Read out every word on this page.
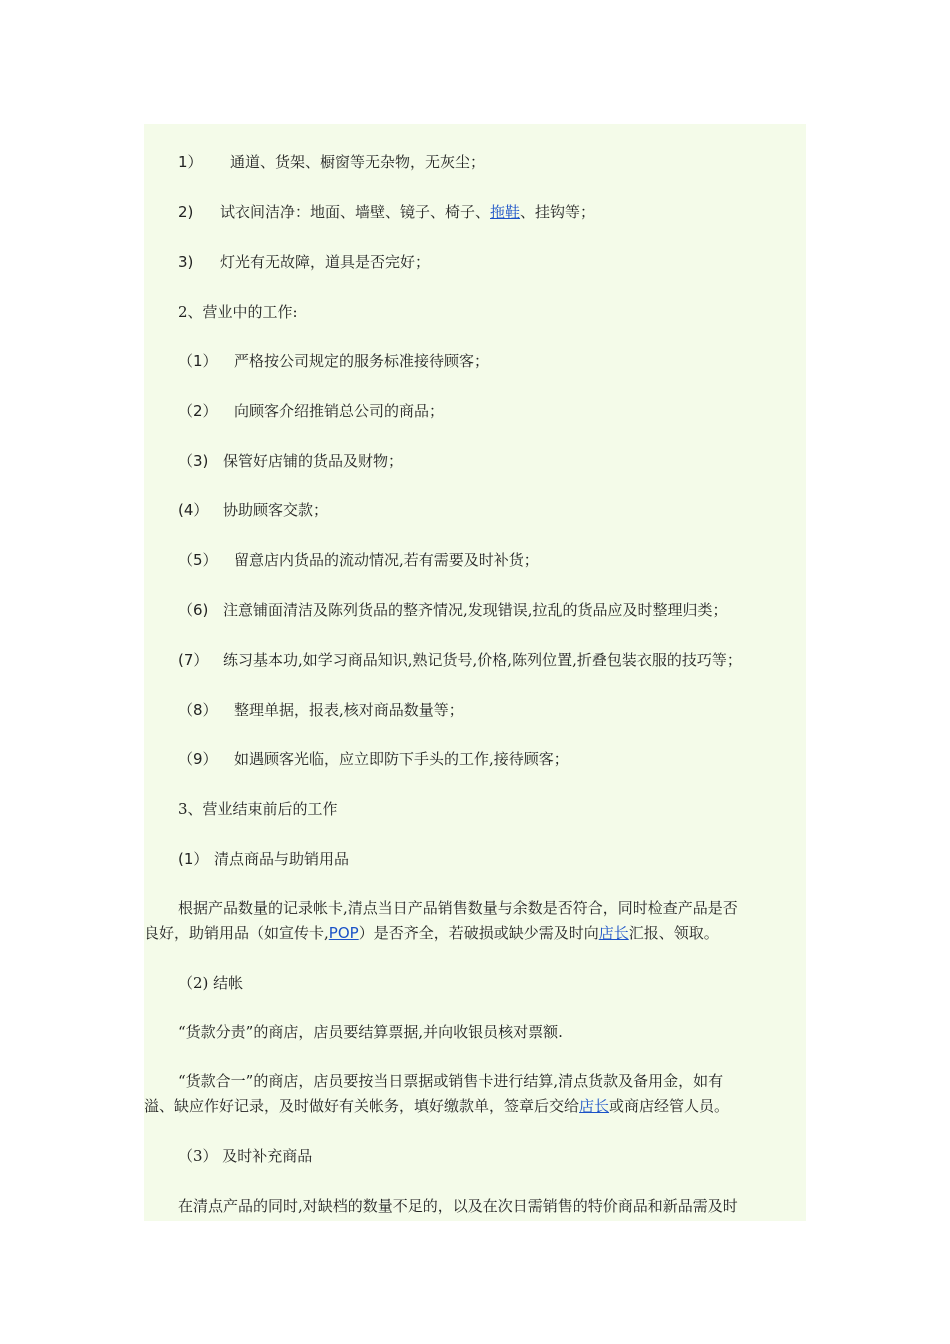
1） 通道、货架、橱窗等无杂物，无灰尘；
2) 试衣间洁净：地面、墙壁、镜子、椅子、拖鞋、挂钩等；
3) 灯光有无故障，道具是否完好；
2、营业中的工作:
（1） 严格按公司规定的服务标准接待顾客；
（2） 向顾客介绍推销总公司的商品；
（3) 保管好店铺的货品及财物；
(4） 协助顾客交款；
（5） 留意店内货品的流动情况,若有需要及时补货；
（6) 注意铺面清洁及陈列货品的整齐情况,发现错误,拉乱的货品应及时整理归类；
(7） 练习基本功,如学习商品知识,熟记货号,价格,陈列位置,折叠包装衣服的技巧等；
（8） 整理单据，报表,核对商品数量等；
（9） 如遇顾客光临，应立即防下手头的工作,接待顾客；
3、营业结束前后的工作
(1） 清点商品与助销用品
根据产品数量的记录帐卡,清点当日产品销售数量与余数是否符合，同时检查产品是否
良好，助销用品（如宣传卡,POP）是否齐全，若破损或缺少需及时向店长汇报、领取。
（2) 结帐
“货款分责”的商店，店员要结算票据,并向收银员核对票额.
“货款合一”的商店，店员要按当日票据或销售卡进行结算,清点货款及备用金，如有
溢、缺应作好记录，及时做好有关帐务，填好缴款单，签章后交给店长或商店经管人员。
（3） 及时补充商品
在清点产品的同时,对缺档的数量不足的，以及在次日需销售的特价商品和新品需及时
